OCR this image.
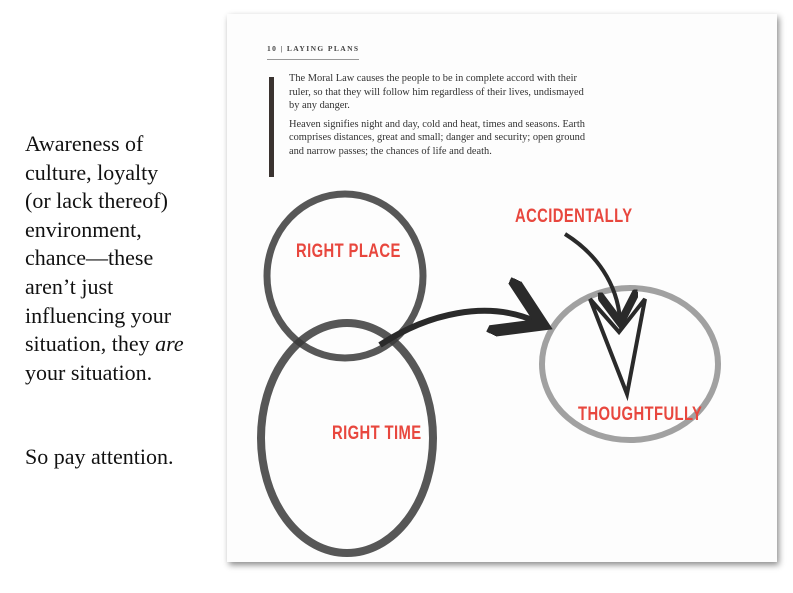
Awareness of
culture, loyalty
(or lack thereof)
environment,
chance—these
aren’t just
influencing your
situation, they are
your situation.
So pay attention.
10 | LAYING PLANS

The Moral Law causes the people to be in complete accord with their ruler, so that they will follow him regardless of their lives, undismayed by any danger.

Heaven signifies night and day, cold and heat, times and seasons. Earth comprises distances, great and small; danger and security; open ground and narrow passes; the chances of life and death.

RIGHT PLACE
RIGHT TIME
ACCIDENTALLY
THOUGHTFULLY
